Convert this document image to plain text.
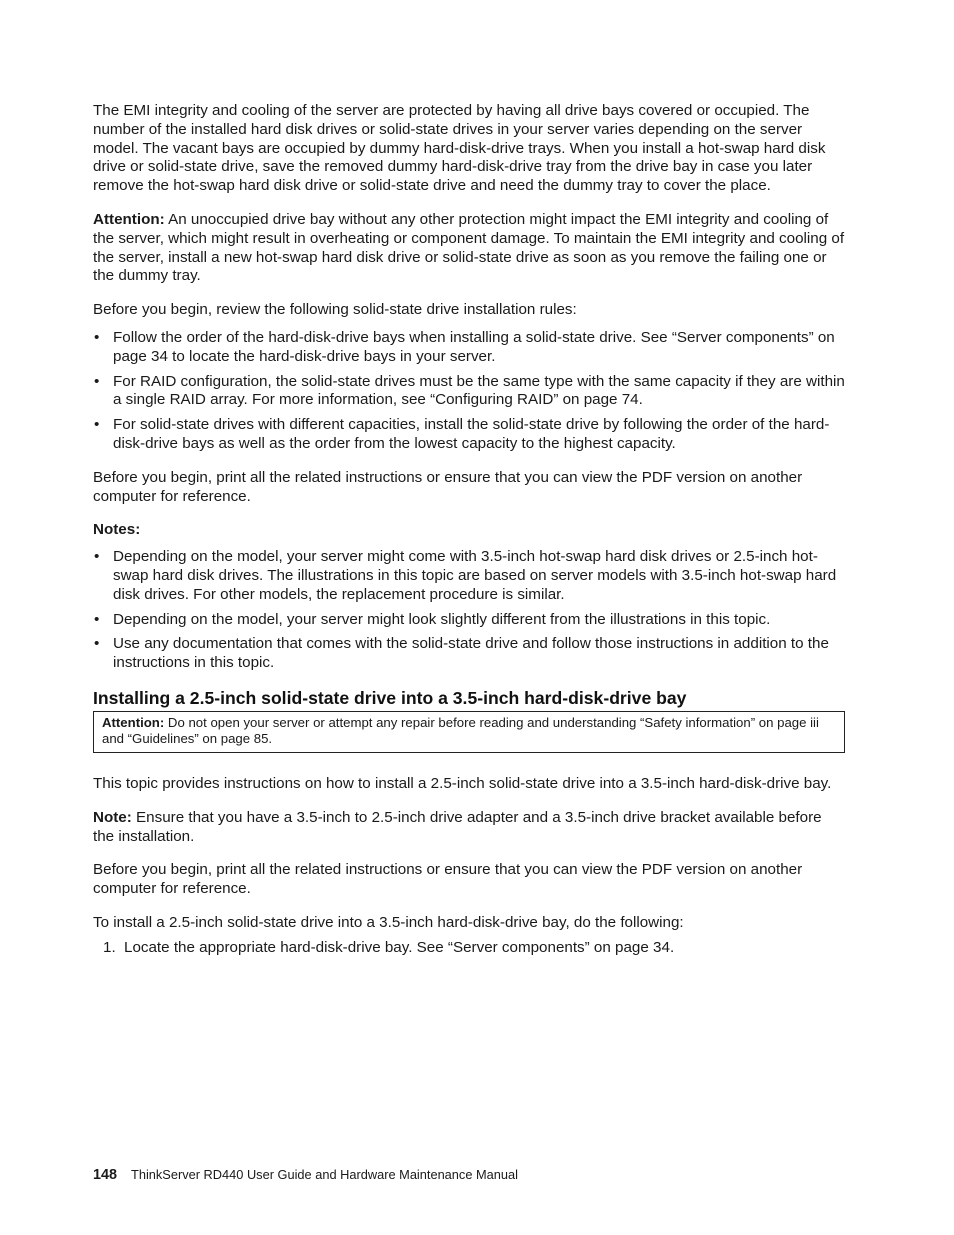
The EMI integrity and cooling of the server are protected by having all drive bays covered or occupied. The number of the installed hard disk drives or solid-state drives in your server varies depending on the server model. The vacant bays are occupied by dummy hard-disk-drive trays. When you install a hot-swap hard disk drive or solid-state drive, save the removed dummy hard-disk-drive tray from the drive bay in case you later remove the hot-swap hard disk drive or solid-state drive and need the dummy tray to cover the place.

Attention: An unoccupied drive bay without any other protection might impact the EMI integrity and cooling of the server, which might result in overheating or component damage. To maintain the EMI integrity and cooling of the server, install a new hot-swap hard disk drive or solid-state drive as soon as you remove the failing one or the dummy tray.

Before you begin, review the following solid-state drive installation rules:

• Follow the order of the hard-disk-drive bays when installing a solid-state drive. See “Server components” on page 34 to locate the hard-disk-drive bays in your server.
• For RAID configuration, the solid-state drives must be the same type with the same capacity if they are within a single RAID array. For more information, see “Configuring RAID” on page 74.
• For solid-state drives with different capacities, install the solid-state drive by following the order of the hard-disk-drive bays as well as the order from the lowest capacity to the highest capacity.

Before you begin, print all the related instructions or ensure that you can view the PDF version on another computer for reference.

Notes:

• Depending on the model, your server might come with 3.5-inch hot-swap hard disk drives or 2.5-inch hot-swap hard disk drives. The illustrations in this topic are based on server models with 3.5-inch hot-swap hard disk drives. For other models, the replacement procedure is similar.
• Depending on the model, your server might look slightly different from the illustrations in this topic.
• Use any documentation that comes with the solid-state drive and follow those instructions in addition to the instructions in this topic.
Installing a 2.5-inch solid-state drive into a 3.5-inch hard-disk-drive bay
Attention: Do not open your server or attempt any repair before reading and understanding “Safety information” on page iii and “Guidelines” on page 85.

This topic provides instructions on how to install a 2.5-inch solid-state drive into a 3.5-inch hard-disk-drive bay.

Note: Ensure that you have a 3.5-inch to 2.5-inch drive adapter and a 3.5-inch drive bracket available before the installation.

Before you begin, print all the related instructions or ensure that you can view the PDF version on another computer for reference.

To install a 2.5-inch solid-state drive into a 3.5-inch hard-disk-drive bay, do the following:

1. Locate the appropriate hard-disk-drive bay. See “Server components” on page 34.
148 ThinkServer RD440 User Guide and Hardware Maintenance Manual
